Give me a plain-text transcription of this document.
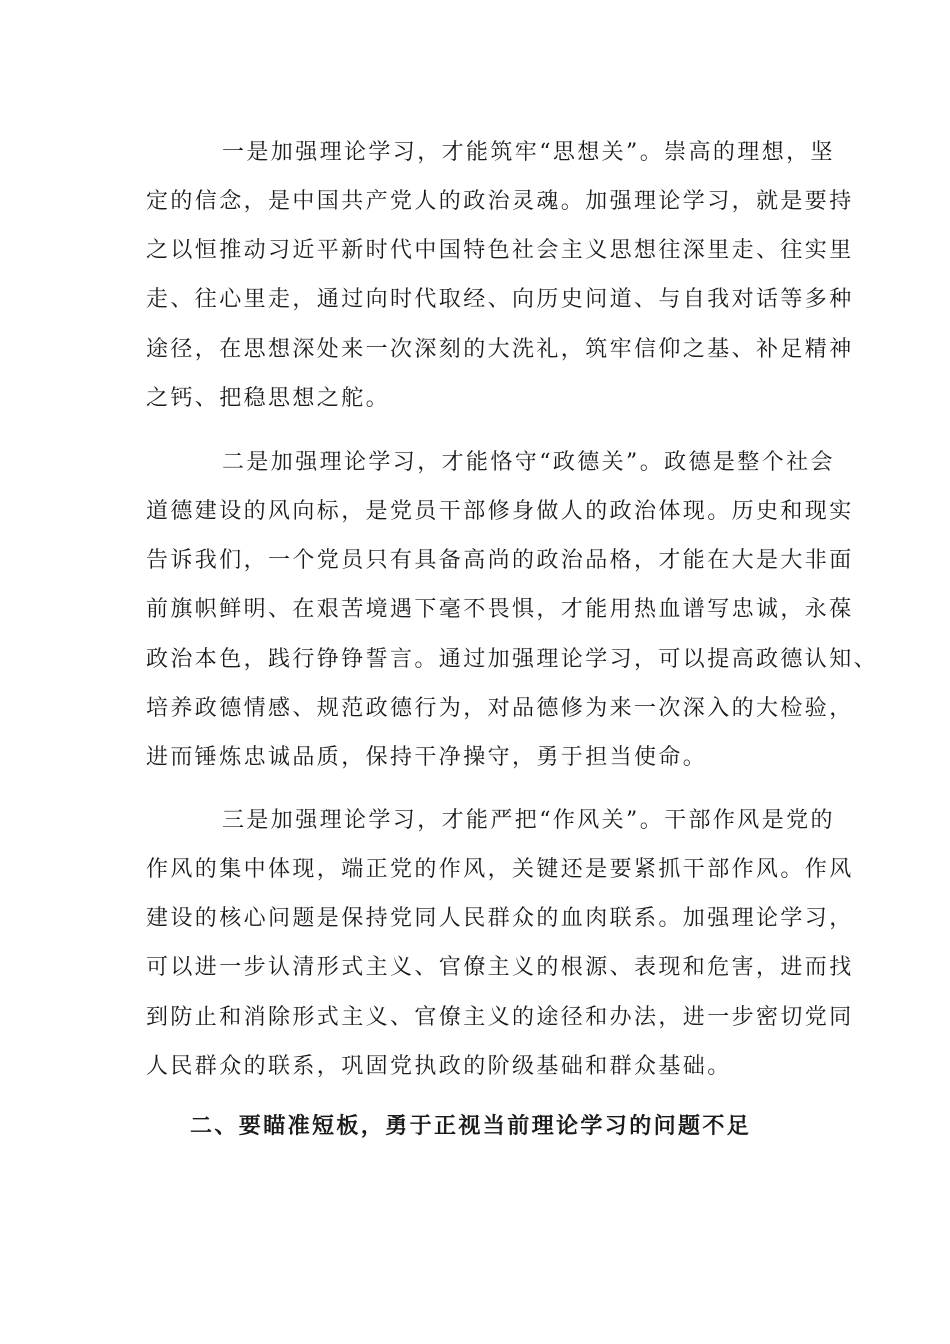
一是加强理论学习，才能筑牢“思想关”。崇高的理想，坚
定的信念，是中国共产党人的政治灵魂。加强理论学习，就是要持
之以恒推动习近平新时代中国特色社会主义思想往深里走、往实里
走、往心里走，通过向时代取经、向历史问道、与自我对话等多种
途径，在思想深处来一次深刻的大洗礼，筑牢信仰之基、补足精神
之钙、把稳思想之舵。
二是加强理论学习，才能恪守“政德关”。政德是整个社会
道德建设的风向标，是党员干部修身做人的政治体现。历史和现实
告诉我们，一个党员只有具备高尚的政治品格，才能在大是大非面
前旗帜鲜明、在艰苦境遇下毫不畏惧，才能用热血谱写忠诚，永葆
政治本色，践行铮铮誓言。通过加强理论学习，可以提高政德认知、
培养政德情感、规范政德行为，对品德修为来一次深入的大检验，
进而锤炼忠诚品质，保持干净操守，勇于担当使命。
三是加强理论学习，才能严把“作风关”。干部作风是党的
作风的集中体现，端正党的作风，关键还是要紧抓干部作风。作风
建设的核心问题是保持党同人民群众的血肉联系。加强理论学习，
可以进一步认清形式主义、官僚主义的根源、表现和危害，进而找
到防止和消除形式主义、官僚主义的途径和办法，进一步密切党同
人民群众的联系，巩固党执政的阶级基础和群众基础。
二、要瞄准短板，勇于正视当前理论学习的问题不足
